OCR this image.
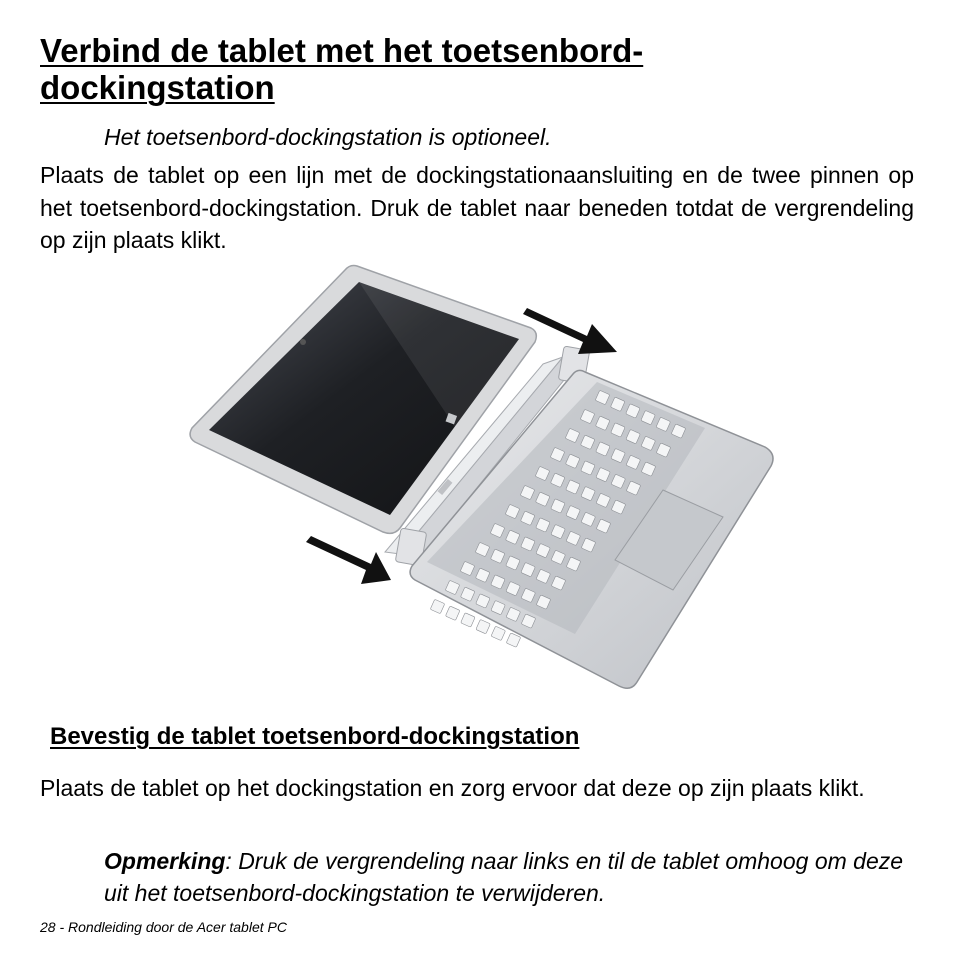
Verbind de tablet met het toetsenbord-dockingstation
Het toetsenbord-dockingstation is optioneel.

Plaats de tablet op een lijn met de dockingstationaansluiting en de twee pinnen op het toetsenbord-dockingstation. Druk de tablet naar beneden totdat de vergrendeling op zijn plaats klikt.

Bevestig de tablet toetsenbord-dockingstation

Plaats de tablet op het dockingstation en zorg ervoor dat deze op zijn plaats klikt.

Opmerking: Druk de vergrendeling naar links en til de tablet omhoog om deze uit het toetsenbord-dockingstation te verwijderen.
28 - Rondleiding door de Acer tablet PC
